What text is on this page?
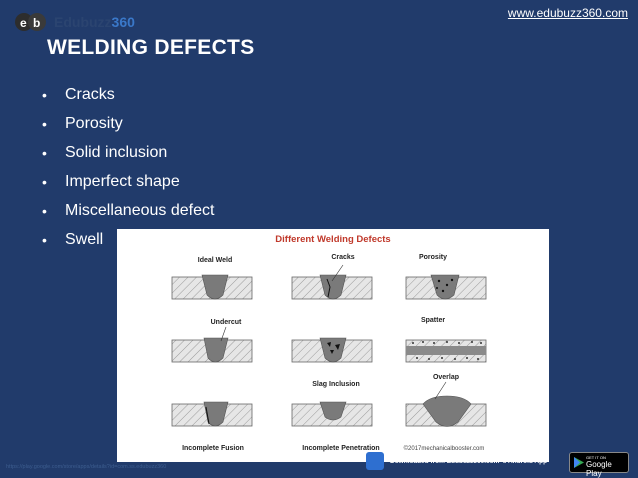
e b Edubuzz360
www.edubuzz360.com
WELDING DEFECTS
• Cracks
• Porosity
• Solid inclusion
• Imperfect shape
• Miscellaneous defect
• Swell	Different Welding Defects
Ideal Weld	Cracks	Porosity
Undercut	Spatter
Slag Inclusion
Overlap
Incomplete Fusion	Incomplete Penetration	©2017mechanicalbooster.com
https://play.google.com/store/apps/details?id=com.ss.edubuzz360
Downloaded from Edubuzz360.com 's Android App
GET IT ON
Google Play
